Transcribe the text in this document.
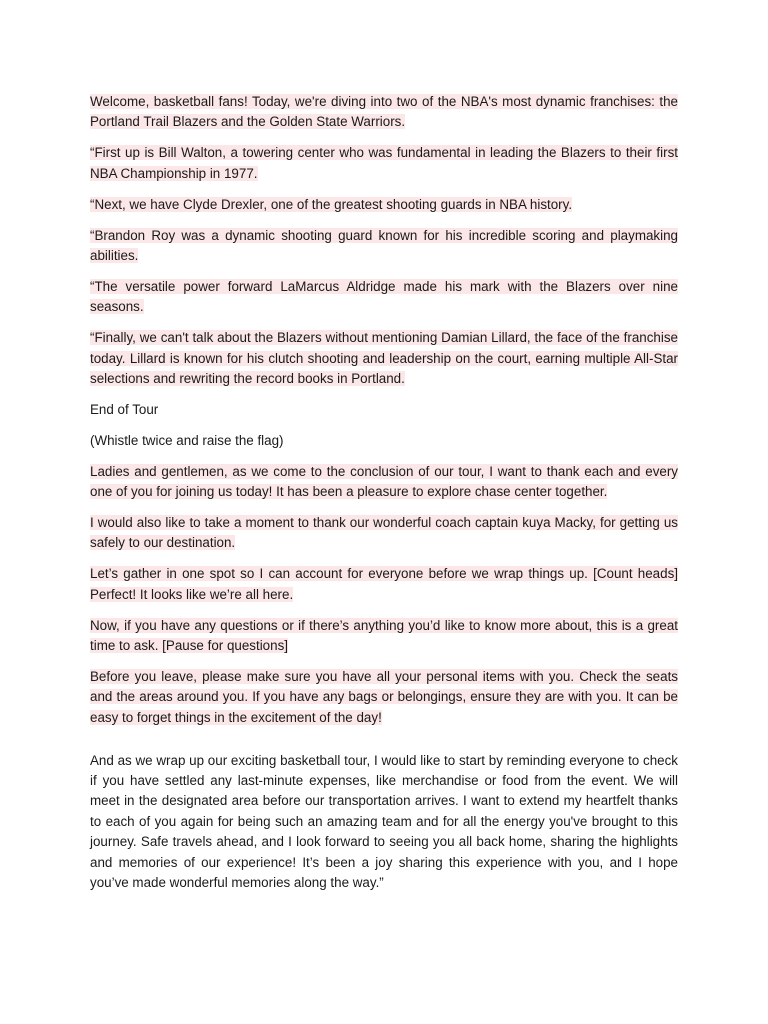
Welcome, basketball fans! Today, we're diving into two of the NBA's most dynamic franchises: the Portland Trail Blazers and the Golden State Warriors.

“First up is Bill Walton, a towering center who was fundamental in leading the Blazers to their first NBA Championship in 1977.

“Next, we have Clyde Drexler, one of the greatest shooting guards in NBA history.

“Brandon Roy was a dynamic shooting guard known for his incredible scoring and playmaking abilities.

“The versatile power forward LaMarcus Aldridge made his mark with the Blazers over nine seasons.

“Finally, we can't talk about the Blazers without mentioning Damian Lillard, the face of the franchise today. Lillard is known for his clutch shooting and leadership on the court, earning multiple All-Star selections and rewriting the record books in Portland.

End of Tour

(Whistle twice and raise the flag)

Ladies and gentlemen, as we come to the conclusion of our tour, I want to thank each and every one of you for joining us today! It has been a pleasure to explore chase center together.

I would also like to take a moment to thank our wonderful coach captain kuya Macky, for getting us safely to our destination.

Let’s gather in one spot so I can account for everyone before we wrap things up. [Count heads] Perfect! It looks like we’re all here.

Now, if you have any questions or if there’s anything you’d like to know more about, this is a great time to ask. [Pause for questions]

Before you leave, please make sure you have all your personal items with you. Check the seats and the areas around you. If you have any bags or belongings, ensure they are with you. It can be easy to forget things in the excitement of the day!

And as we wrap up our exciting basketball tour, I would like to start by reminding everyone to check if you have settled any last-minute expenses, like merchandise or food from the event. We will meet in the designated area before our transportation arrives. I want to extend my heartfelt thanks to each of you again for being such an amazing team and for all the energy you've brought to this journey. Safe travels ahead, and I look forward to seeing you all back home, sharing the highlights and memories of our experience! It’s been a joy sharing this experience with you, and I hope you’ve made wonderful memories along the way.”
